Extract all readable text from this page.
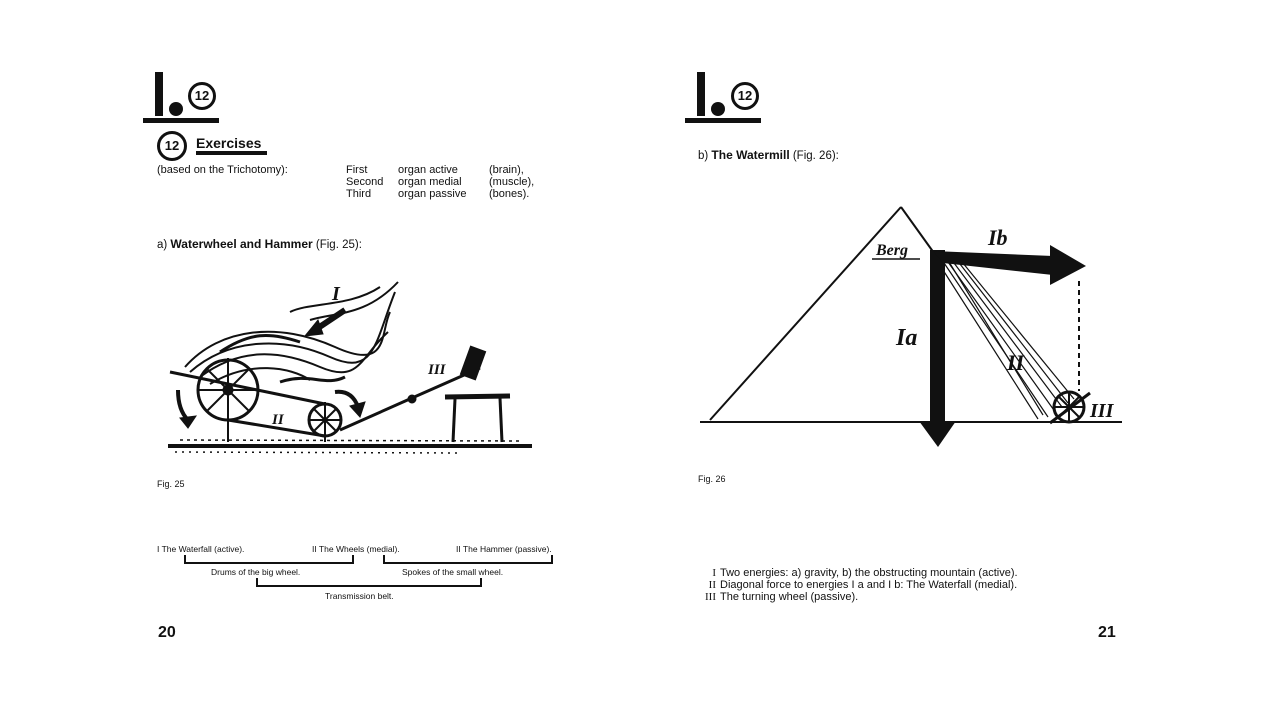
12
12	Exercises
(based on the Trichotomy):	First	organ active	(brain),
Second organ medial (muscle),
Third organ passive (bones).
a) Waterwheel and Hammer (Fig. 25):
I
II
III
Fig. 25
I The Waterfall (active).	II The Wheels (medial).	II The Hammer (passive).
Drums of the big wheel.	Spokes of the small wheel.
Transmission belt.
20
12
b) The Watermill (Fig. 26):
Berg
Ib
Ia
II
III
Fig. 26
I Two energies: a) gravity, b) the obstructing mountain (active).
II Diagonal force to energies I a and I b: The Waterfall (medial).
III The turning wheel (passive).
21
